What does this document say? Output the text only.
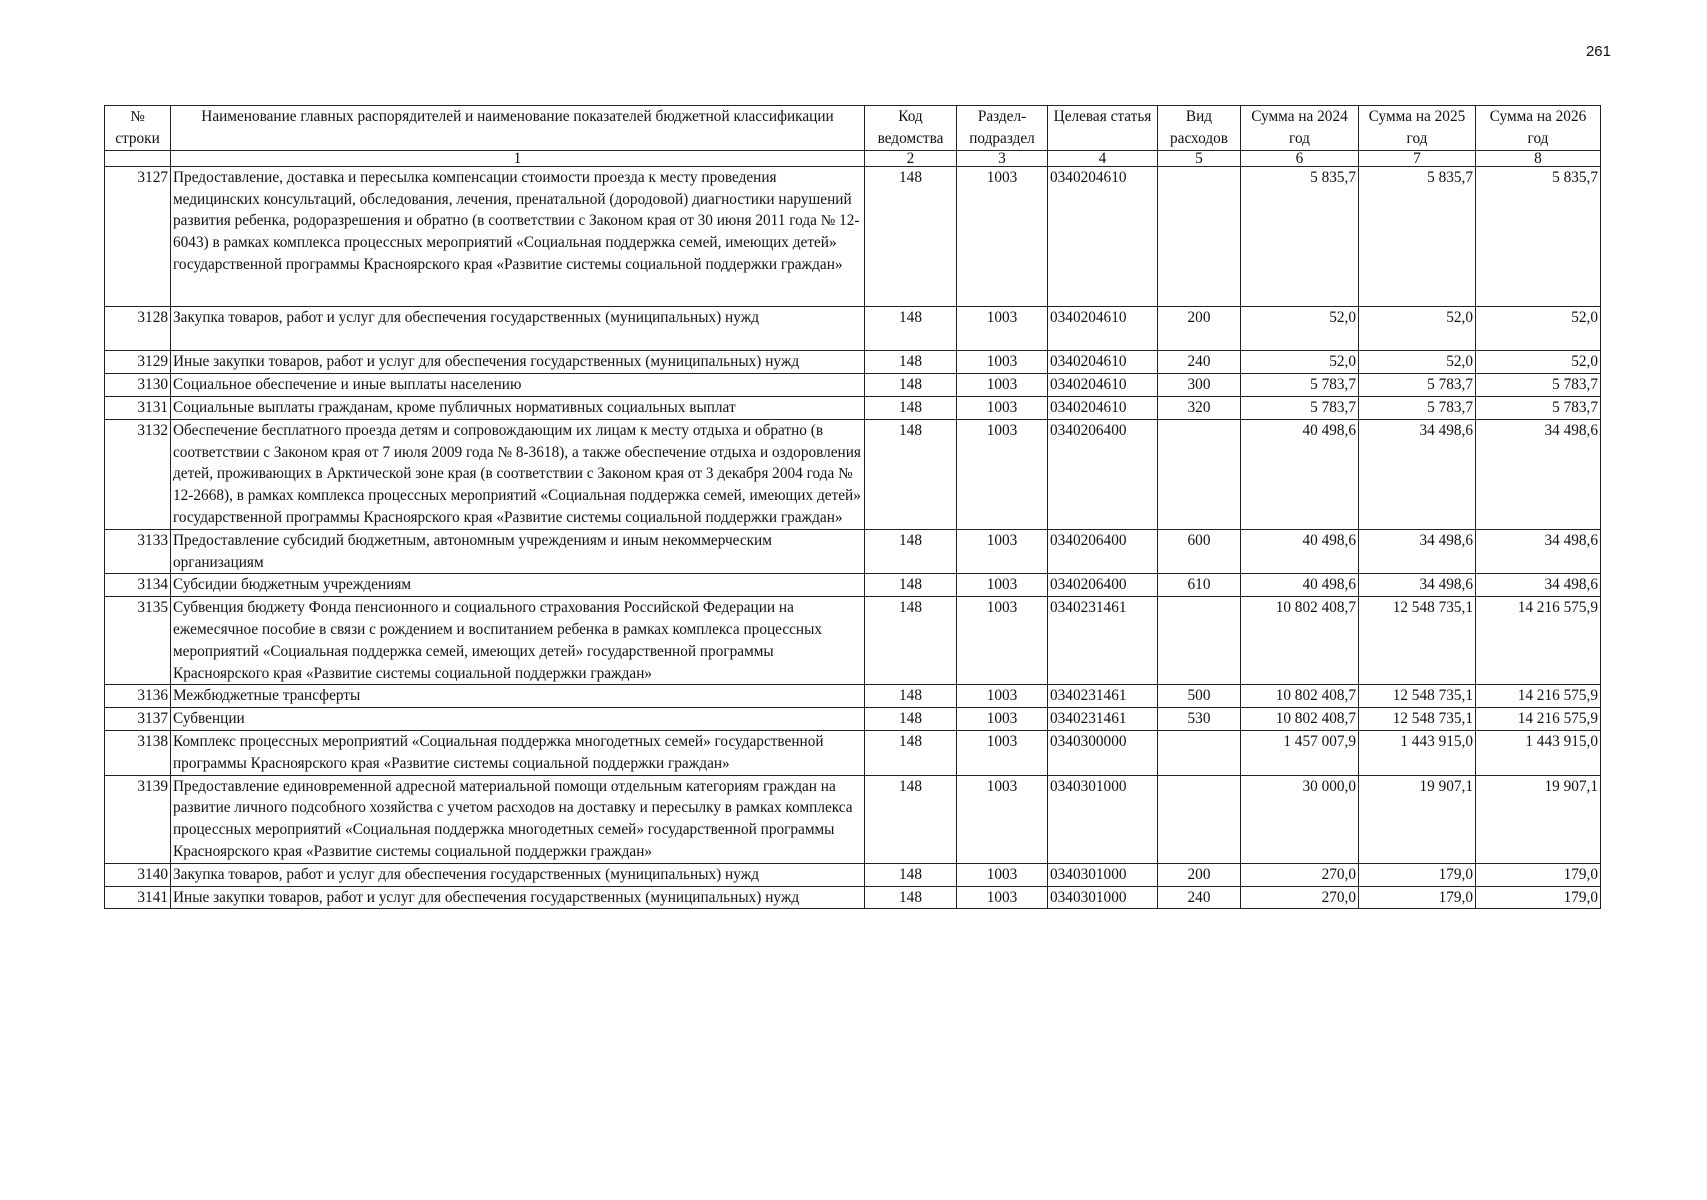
261
№ строки	Наименование главных распорядителей и наименование показателей бюджетной классификации	Код ведомства	Раздел-подраздел	Целевая статья	Вид расходов	Сумма на 2024 год	Сумма на 2025 год	Сумма на 2026 год
	1	2	3	4	5	6	7	8
3127	Предоставление, доставка и пересылка компенсации стоимости проезда к месту проведения медицинских консультаций, обследования, лечения, пренатальной (дородовой) диагностики нарушений развития ребенка, родоразрешения и обратно (в соответствии с Законом края от 30 июня 2011 года № 12-6043) в рамках комплекса процессных мероприятий «Социальная поддержка семей, имеющих детей» государственной программы Красноярского края «Развитие системы социальной поддержки граждан»	148	1003	0340204610		5 835,7	5 835,7	5 835,7
3128	Закупка товаров, работ и услуг для обеспечения государственных (муниципальных) нужд	148	1003	0340204610	200	52,0	52,0	52,0
3129	Иные закупки товаров, работ и услуг для обеспечения государственных (муниципальных) нужд	148	1003	0340204610	240	52,0	52,0	52,0
3130	Социальное обеспечение и иные выплаты населению	148	1003	0340204610	300	5 783,7	5 783,7	5 783,7
3131	Социальные выплаты гражданам, кроме публичных нормативных социальных выплат	148	1003	0340204610	320	5 783,7	5 783,7	5 783,7
3132	Обеспечение бесплатного проезда детям и сопровождающим их лицам к месту отдыха и обратно (в соответствии с Законом края от 7 июля 2009 года № 8-3618), а также обеспечение отдыха и оздоровления детей, проживающих в Арктической зоне края (в соответствии с Законом края от 3 декабря 2004 года № 12-2668), в рамках комплекса процессных мероприятий «Социальная поддержка семей, имеющих детей» государственной программы Красноярского края «Развитие системы социальной поддержки граждан»	148	1003	0340206400		40 498,6	34 498,6	34 498,6
3133	Предоставление субсидий бюджетным, автономным учреждениям и иным некоммерческим организациям	148	1003	0340206400	600	40 498,6	34 498,6	34 498,6
3134	Субсидии бюджетным учреждениям	148	1003	0340206400	610	40 498,6	34 498,6	34 498,6
3135	Субвенция бюджету Фонда пенсионного и социального страхования Российской Федерации на ежемесячное пособие в связи с рождением и воспитанием ребенка в рамках комплекса процессных мероприятий «Социальная поддержка семей, имеющих детей» государственной программы Красноярского края «Развитие системы социальной поддержки граждан»	148	1003	0340231461		10 802 408,7	12 548 735,1	14 216 575,9
3136	Межбюджетные трансферты	148	1003	0340231461	500	10 802 408,7	12 548 735,1	14 216 575,9
3137	Субвенции	148	1003	0340231461	530	10 802 408,7	12 548 735,1	14 216 575,9
3138	Комплекс процессных мероприятий «Социальная поддержка многодетных семей» государственной программы Красноярского края «Развитие системы социальной поддержки граждан»	148	1003	0340300000		1 457 007,9	1 443 915,0	1 443 915,0
3139	Предоставление единовременной адресной материальной помощи отдельным категориям граждан на развитие личного подсобного хозяйства с учетом расходов на доставку и пересылку в рамках комплекса процессных мероприятий «Социальная поддержка многодетных семей» государственной программы Красноярского края «Развитие системы социальной поддержки граждан»	148	1003	0340301000		30 000,0	19 907,1	19 907,1
3140	Закупка товаров, работ и услуг для обеспечения государственных (муниципальных) нужд	148	1003	0340301000	200	270,0	179,0	179,0
3141	Иные закупки товаров, работ и услуг для обеспечения государственных (муниципальных) нужд	148	1003	0340301000	240	270,0	179,0	179,0
